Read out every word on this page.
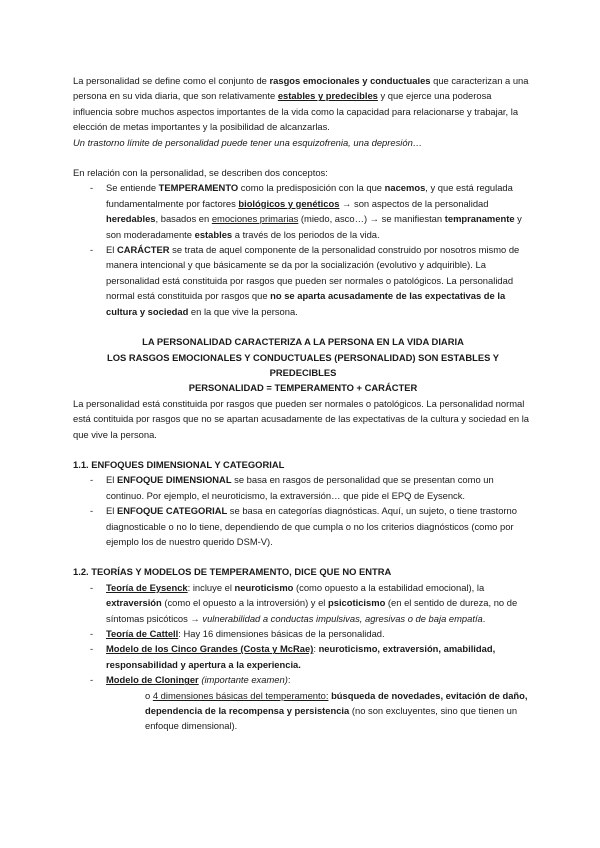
La personalidad se define como el conjunto de rasgos emocionales y conductuales que caracterizan a una persona en su vida diaria, que son relativamente estables y predecibles y que ejerce una poderosa influencia sobre muchos aspectos importantes de la vida como la capacidad para relacionarse y trabajar, la elección de metas importantes y la posibilidad de alcanzarlas.

Un trastorno límite de personalidad puede tener una esquizofrenia, una depresión…

En relación con la personalidad, se describen dos conceptos:

- Se entiende TEMPERAMENTO como la predisposición con la que nacemos, y que está regulada fundamentalmente por factores biológicos y genéticos → son aspectos de la personalidad heredables, basados en emociones primarias (miedo, asco…) → se manifiestan tempranamente y son moderadamente estables a través de los periodos de la vida.
- El CARÁCTER se trata de aquel componente de la personalidad construido por nosotros mismo de manera intencional y que básicamente se da por la socialización (evolutivo y adquirible). La personalidad está constituida por rasgos que pueden ser normales o patológicos. La personalidad normal está constituida por rasgos que no se aparta acusadamente de las expectativas de la cultura y sociedad en la que vive la persona.
LA PERSONALIDAD CARACTERIZA A LA PERSONA EN LA VIDA DIARIA
LOS RASGOS EMOCIONALES Y CONDUCTUALES (PERSONALIDAD) SON ESTABLES Y PREDECIBLES
PERSONALIDAD = TEMPERAMENTO + CARÁCTER

La personalidad está constituida por rasgos que pueden ser normales o patológicos. La personalidad normal está contituida por rasgos que no se apartan acusadamente de las expectativas de la cultura y sociedad en la que vive la persona.

1.1. ENFOQUES DIMENSIONAL Y CATEGORIAL
- El ENFOQUE DIMENSIONAL se basa en rasgos de personalidad que se presentan como un continuo. Por ejemplo, el neuroticismo, la extraversión… que pide el EPQ de Eysenck.
- El ENFOQUE CATEGORIAL se basa en categorías diagnósticas. Aquí, un sujeto, o tiene trastorno diagnosticable o no lo tiene, dependiendo de que cumpla o no los criterios diagnósticos (como por ejemplo los de nuestro querido DSM-V).
1.2. TEORÍAS Y MODELOS DE TEMPERAMENTO, DICE QUE NO ENTRA
- Teoría de Eysenck: incluye el neuroticismo (como opuesto a la estabilidad emocional), la extraversión (como el opuesto a la introversión) y el psicoticismo (en el sentido de dureza, no de síntomas psicóticos → vulnerabilidad a conductas impulsivas, agresivas o de baja empatía.
- Teoría de Cattell: Hay 16 dimensiones básicas de la personalidad.
- Modelo de los Cinco Grandes (Costa y McRae): neuroticismo, extraversión, amabilidad, responsabilidad y apertura a la experiencia.
- Modelo de Cloninger (importante examen):
o 4 dimensiones básicas del temperamento: búsqueda de novedades, evitación de daño, dependencia de la recompensa y persistencia (no son excluyentes, sino que tienen un enfoque dimensional).
